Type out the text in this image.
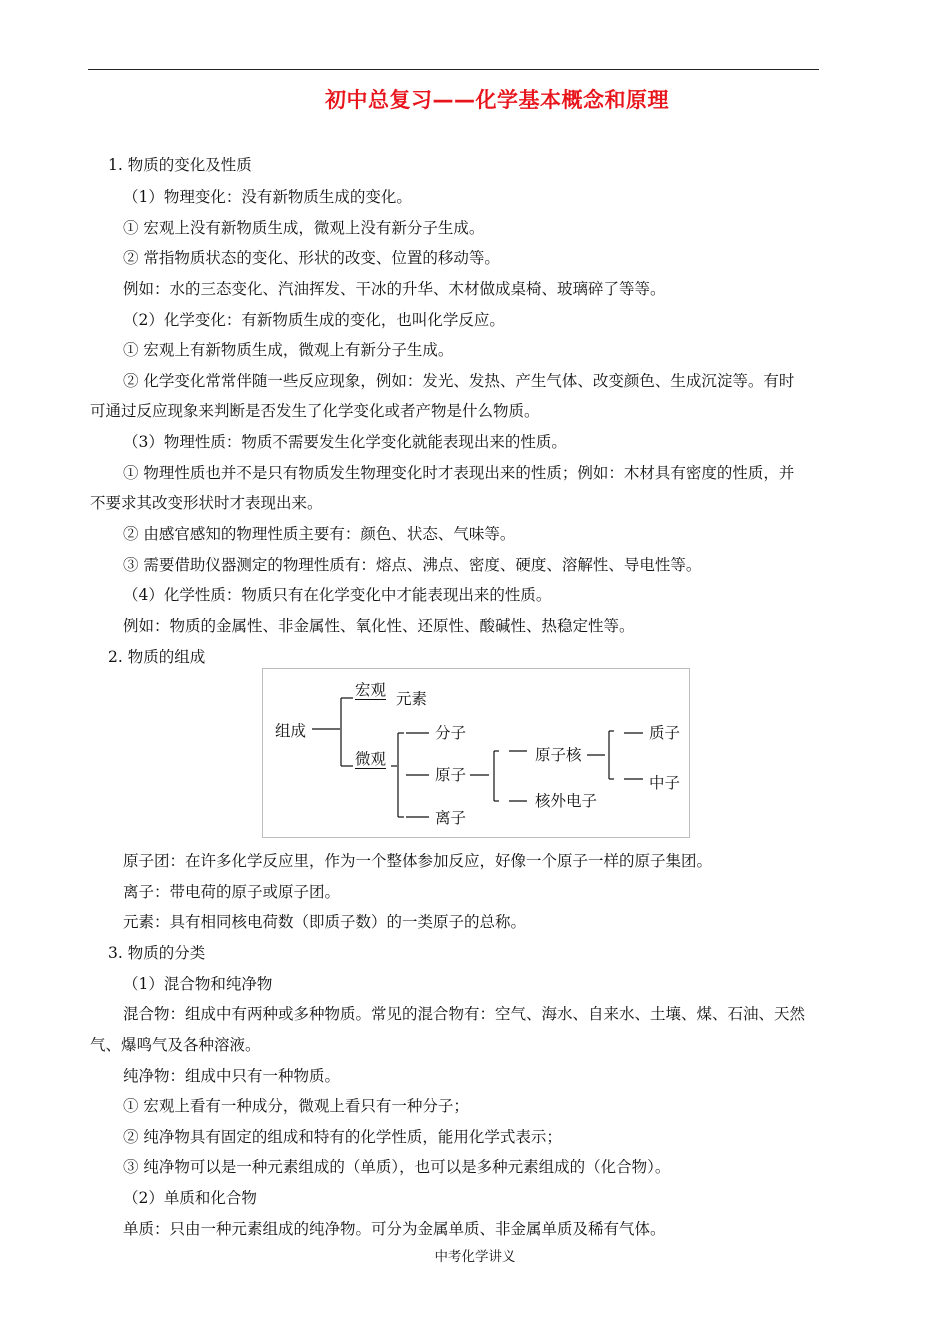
初中总复习——化学基本概念和原理
1. 物质的变化及性质
（1）物理变化：没有新物质生成的变化。
① 宏观上没有新物质生成，微观上没有新分子生成。
② 常指物质状态的变化、形状的改变、位置的移动等。
例如：水的三态变化、汽油挥发、干冰的升华、木材做成桌椅、玻璃碎了等等。
（2）化学变化：有新物质生成的变化，也叫化学反应。
① 宏观上有新物质生成，微观上有新分子生成。
② 化学变化常常伴随一些反应现象，例如：发光、发热、产生气体、改变颜色、生成沉淀等。有时
可通过反应现象来判断是否发生了化学变化或者产物是什么物质。
（3）物理性质：物质不需要发生化学变化就能表现出来的性质。
① 物理性质也并不是只有物质发生物理变化时才表现出来的性质；例如：木材具有密度的性质，并
不要求其改变形状时才表现出来。
② 由感官感知的物理性质主要有：颜色、状态、气味等。
③ 需要借助仪器测定的物理性质有：熔点、沸点、密度、硬度、溶解性、导电性等。
（4）化学性质：物质只有在化学变化中才能表现出来的性质。
例如：物质的金属性、非金属性、氧化性、还原性、酸碱性、热稳定性等。
2. 物质的组成
组成
宏观 元素
微观
分子
原子
离子
原子核
核外电子
质子
中子
原子团：在许多化学反应里，作为一个整体参加反应，好像一个原子一样的原子集团。
离子：带电荷的原子或原子团。
元素：具有相同核电荷数（即质子数）的一类原子的总称。
3. 物质的分类
（1）混合物和纯净物
混合物：组成中有两种或多种物质。常见的混合物有：空气、海水、自来水、土壤、煤、石油、天然
气、爆鸣气及各种溶液。
纯净物：组成中只有一种物质。
① 宏观上看有一种成分，微观上看只有一种分子；
② 纯净物具有固定的组成和特有的化学性质，能用化学式表示；
③ 纯净物可以是一种元素组成的（单质），也可以是多种元素组成的（化合物）。
（2）单质和化合物
单质：只由一种元素组成的纯净物。可分为金属单质、非金属单质及稀有气体。
中考化学讲义
